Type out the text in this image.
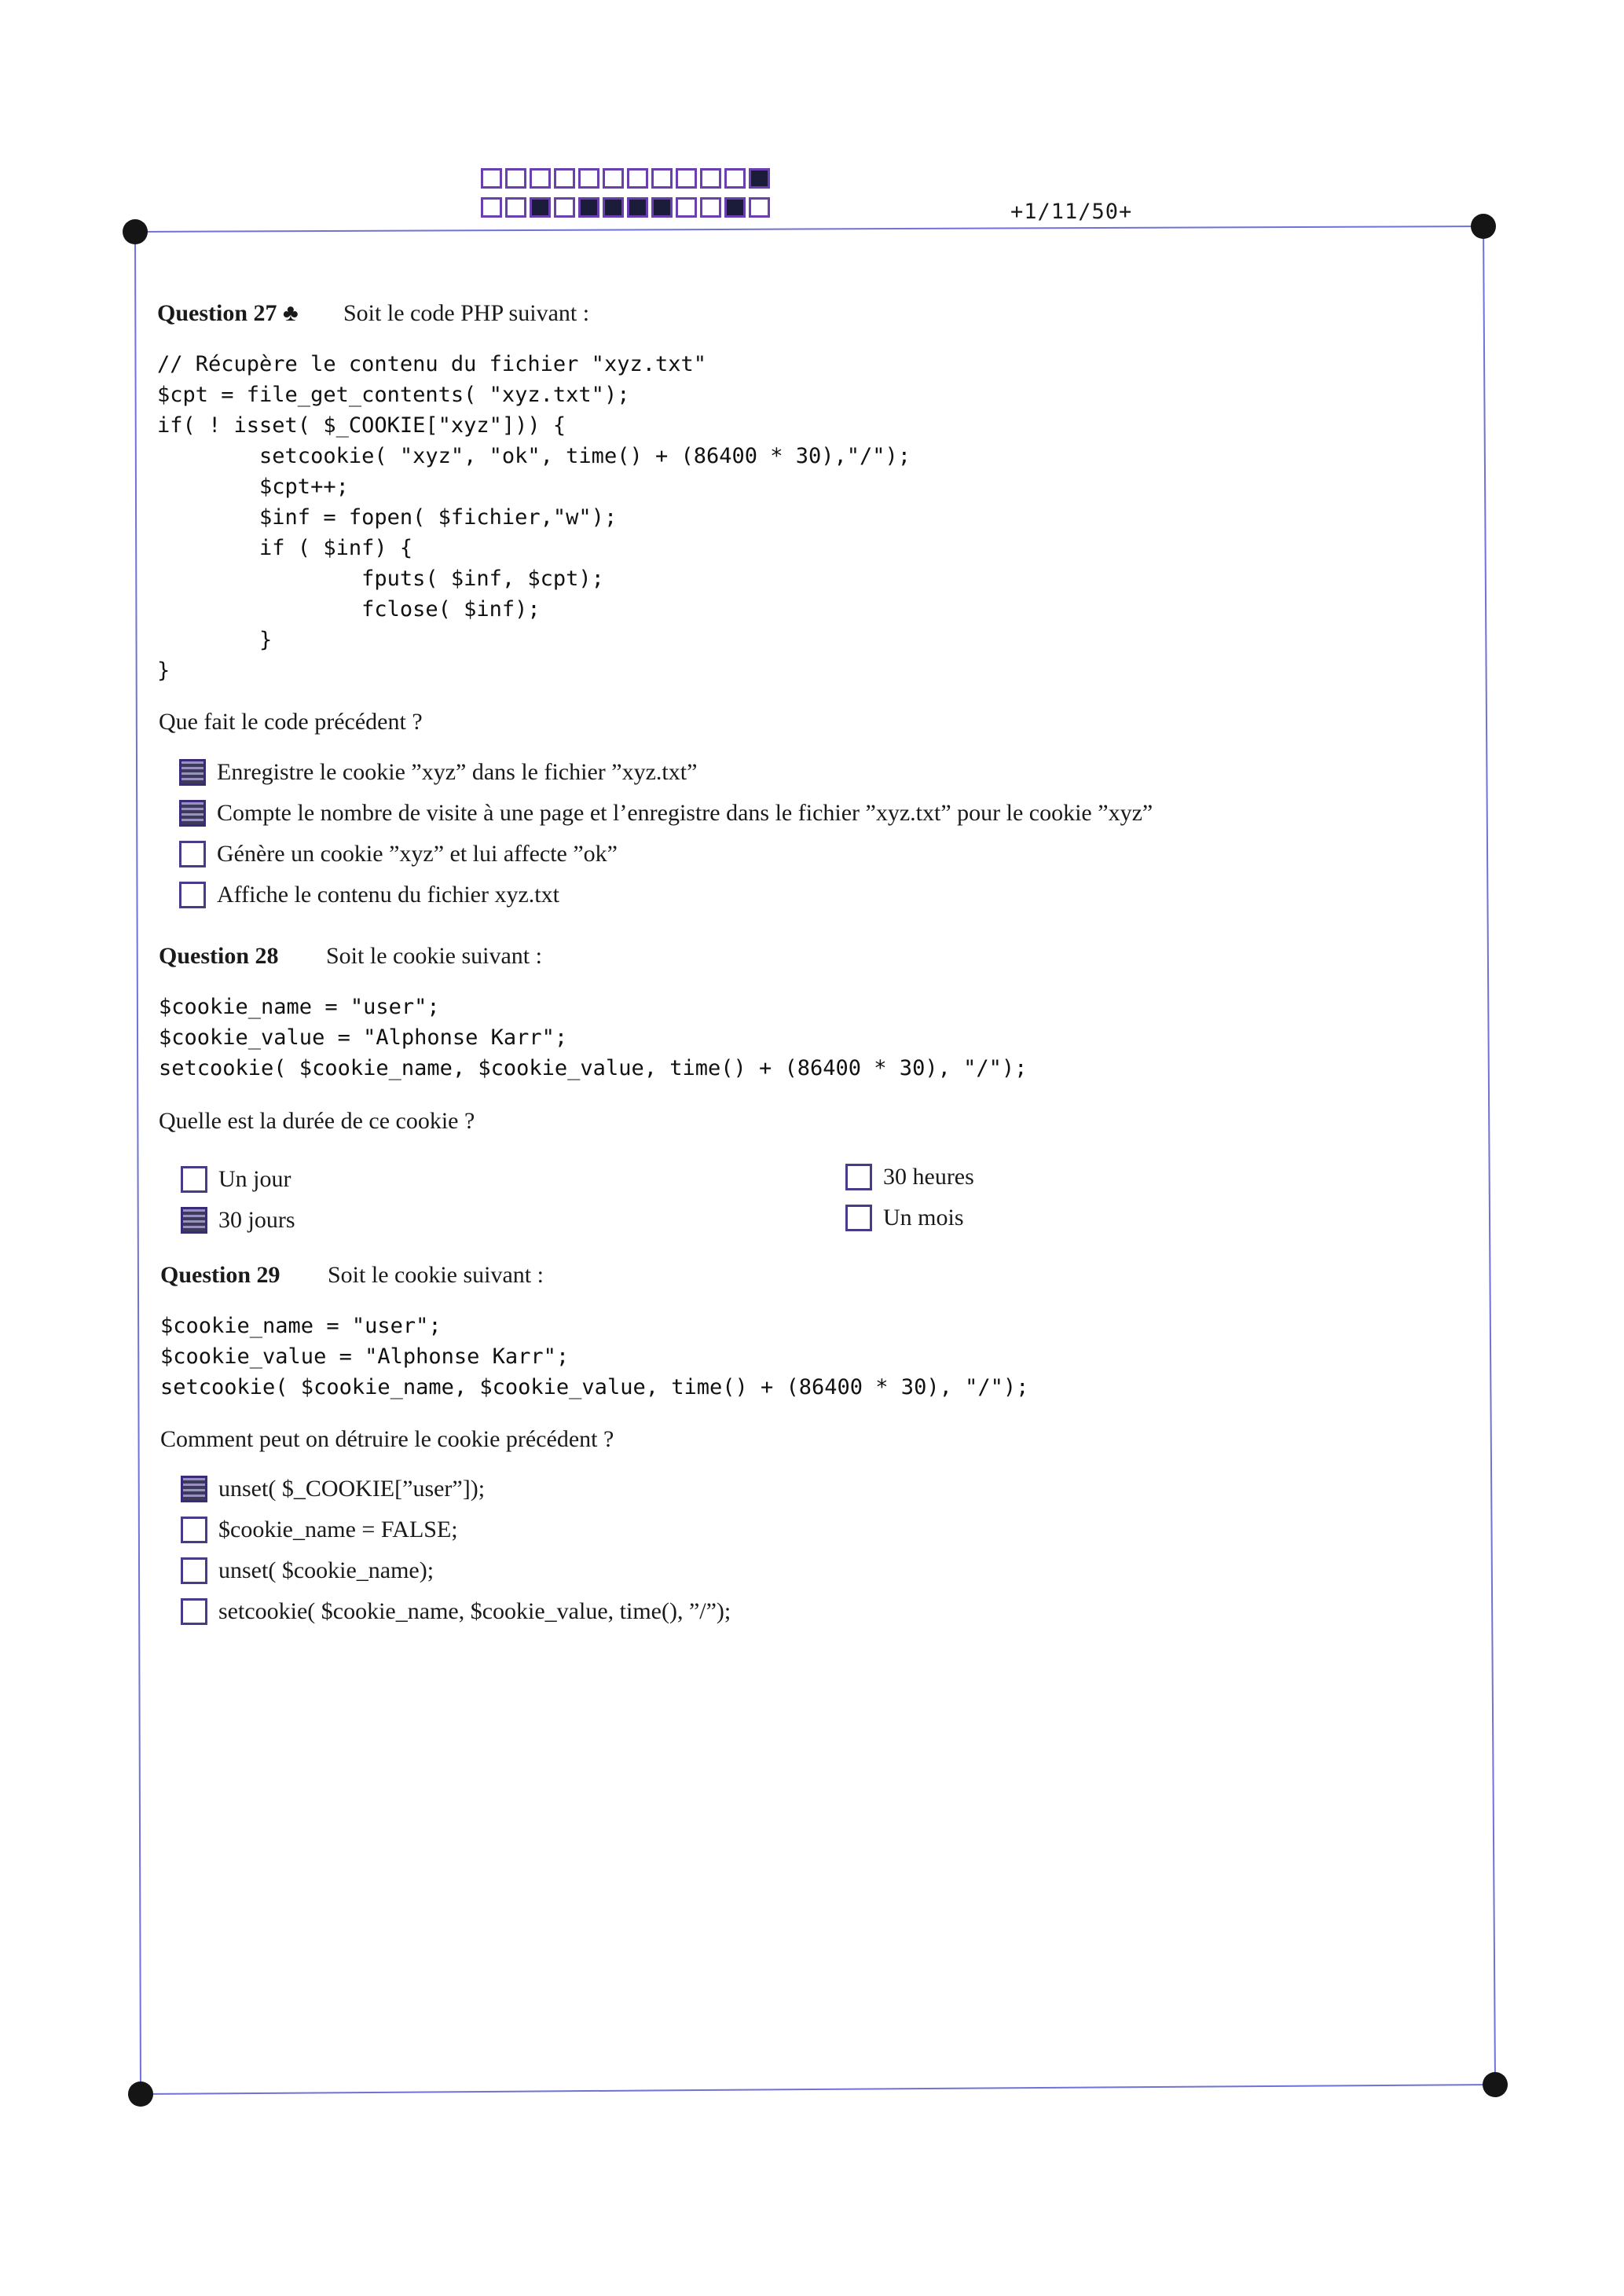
+1/11/50+
Question 27 ♣ Soit le code PHP suivant :
// Récupère le contenu du fichier "xyz.txt"
$cpt = file_get_contents( "xyz.txt");
if( ! isset( $_COOKIE["xyz"])) {
setcookie( "xyz", "ok", time() + (86400 * 30),"/");
$cpt++;
$inf = fopen( $fichier,"w");
if ( $inf) {
fputs( $inf, $cpt);
fclose( $inf);
}
}
Que fait le code précédent ?
Enregistre le cookie ”xyz” dans le fichier ”xyz.txt”
Compte le nombre de visite à une page et l’enregistre dans le fichier ”xyz.txt” pour le cookie ”xyz”
Génère un cookie ”xyz” et lui affecte ”ok”
Affiche le contenu du fichier xyz.txt
Question 28 Soit le cookie suivant :
$cookie_name = "user";
$cookie_value = "Alphonse Karr";
setcookie( $cookie_name, $cookie_value, time() + (86400 * 30), "/");
Quelle est la durée de ce cookie ?
Un jour
30 jours
30 heures
Un mois
Question 29 Soit le cookie suivant :
$cookie_name = "user";
$cookie_value = "Alphonse Karr";
setcookie( $cookie_name, $cookie_value, time() + (86400 * 30), "/");
Comment peut on détruire le cookie précédent ?
unset( $_COOKIE[”user”]);
$cookie_name = FALSE;
unset( $cookie_name);
setcookie( $cookie_name, $cookie_value, time(), ”/”);
